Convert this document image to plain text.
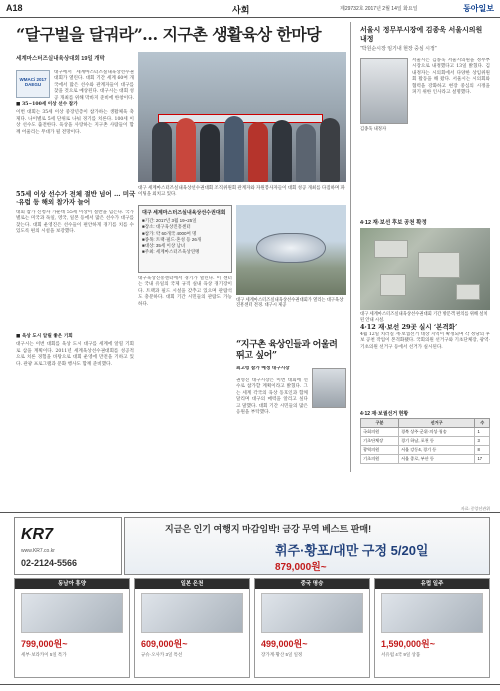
A18	사회	제29732호 2017년 2월 14일 화요일	동아일보
“달구벌을 달궈라”… 지구촌 생활육상 한마당
세계마스터즈실내육상대회 19일 개막
WMACi 2017 DAEGU
대구에서 세계마스터즈실내육상선수권대회가 열린다. 대회 기간 세계 60여 개국에서 많은 선수와 관계자들이 대구를 찾을 것으로 예상된다. 대구시는 대회 성공 개최를 위해 막바지 준비에 한창이다.
■ 35~100세 이상 선수 참가
이번 대회는 35세 이상 중장년층이 참가하는 생활체육 축제다. 나이별로 5세 단위로 나눠 경기를 치른다. 100세 이상 선수도 출전한다. 육상을 사랑하는 지구촌 사람들이 함께 어울리는 무대가 될 전망이다.
대구 세계마스터즈실내육상선수권대회 조직위원회 관계자와 자원봉사자들이 대회 성공 개최를 다짐하며 파이팅을 외치고 있다.
55세 이상 선수가 전체 절반 넘어 … 미국·유럽 등 해외 참가자 늘어
대회 참가 신청자 가운데 55세 이상이 절반을 넘는다. 국가별로는 미국과 독일, 영국, 일본 등에서 많은 선수가 대구를 찾는다. 대회 운영진은 선수들이 편안하게 경기를 치를 수 있도록 편의 시설을 보강했다.
■ 육상 도시 알릴 좋은 기회
대구시는 이번 대회를 육상 도시 대구를 세계에 알릴 기회로 삼을 계획이다. 2011년 세계육상선수권대회를 성공적으로 치른 경험을 바탕으로 대회 운영에 만전을 기하고 있다. 관광 프로그램과 문화 행사도 함께 준비했다.
대구 세계마스터즈실내육상선수권대회
■기간: 2017년 3월 19~25일
■장소: 대구육상진흥센터
■참가: 약 60개국 4000여 명
■종목: 트랙·필드·혼성 등 26개
■대상: 35세 이상 남녀
■주최: 세계마스터즈육상연맹
대구육상진흥센터에서 경기가 열린다. 이 센터는 국내 유일의 국제 규격 실내 육상 경기장이다. 트랙과 필드 시설을 갖추고 있으며 관람석도 충분하다. 대회 기간 시민들의 관람도 가능하다.
대구 세계마스터즈실내육상선수권대회가 열리는 대구육상진흥센터 전경. 대구시 제공
“지구촌 육상인들과 어울려 뛰고 싶어”
최고령 참가 예정 대구시장
권영진 대구시장은 이번 대회에 선수로 참가할 계획이라고 밝혔다. 그는 세계 각국의 육상 동호인과 함께 달리며 대구의 매력을 알리고 싶다고 말했다. 대회 기간 시민들의 많은 응원을 부탁했다.
서울시 정무부시장에 김종욱 서울시의원 내정
“박원순시장 임기내 현장 중심 시정”
김종욱 내정자
서울시는 김종욱 서울시의원을 정무부시장으로 내정했다고 13일 밝혔다. 김 내정자는 시의회에서 다양한 상임위원회 활동을 해 왔다. 서울시는 시의회와 협력을 강화하고 현장 중심의 시정을 펴기 위한 인사라고 설명했다.
4·12 재·보선 후보 공천 확정
대구 세계마스터즈실내육상선수권대회 기간 방문객 편의를 위해 설치된 안내 시설.
4·12 재·보선 29곳 실시 ‘본격화’
4월 12일 치러질 재·보궐선거 대상 지역이 확정되며 각 정당의 후보 공천 작업이 본격화됐다. 국회의원 선거구와 기초단체장, 광역·기초의원 선거구 등에서 선거가 실시된다.
4·12 재·보궐선거 현황
구분	선거구	수
국회의원	경북 상주·군위·의성·청송	1
기초단체장	경기 하남, 포천 등	3
광역의원	서울 강동4, 경기 등	8
기초의원	서울 종로, 부산 등	17
자료: 중앙선관위
KR7
www.KR7.co.kr
02-2124-5566
지금은 인기 여행지 마감임박! 금강 무역 베스트 판매!
휘주·황포/대만 구정 5/20일
879,000원~
동남아 휴양
799,000원~
세부·보라카이 5일 특가
일본 온천
609,000원~
규슈·오사카 3일 특선
중국 명승
499,000원~
장가계·황산 5일 일정
유럽 일주
1,590,000원~
서유럽 4국 9일 상품
